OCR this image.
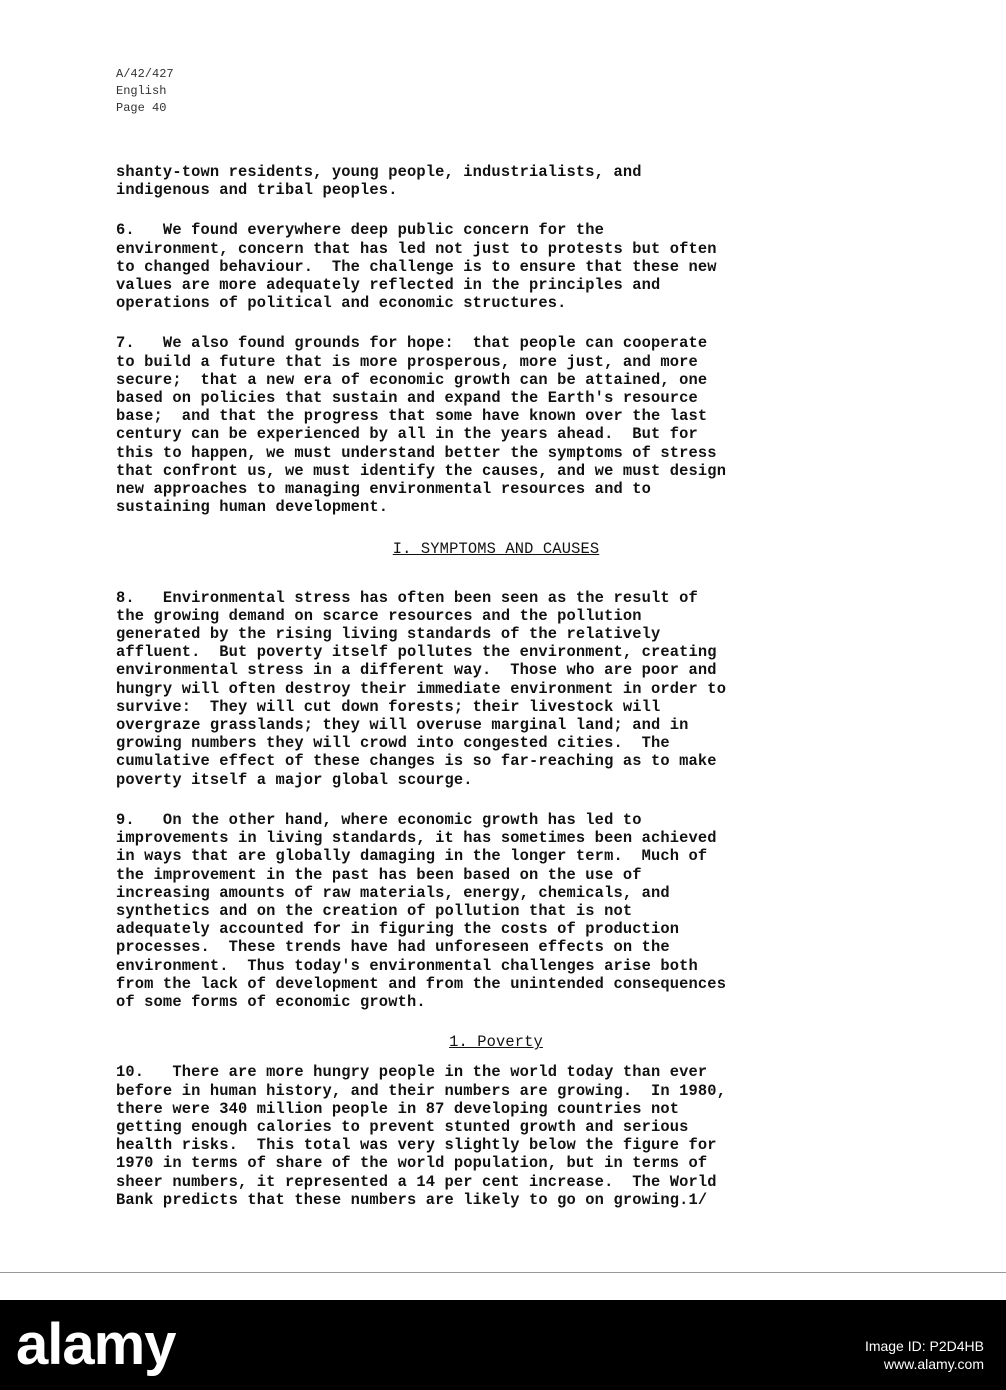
A/42/427
English
Page 40
shanty-town residents, young people, industrialists, and
indigenous and tribal peoples.
6.   We found everywhere deep public concern for the
environment, concern that has led not just to protests but often
to changed behaviour.  The challenge is to ensure that these new
values are more adequately reflected in the principles and
operations of political and economic structures.
7.   We also found grounds for hope:  that people can cooperate
to build a future that is more prosperous, more just, and more
secure;  that a new era of economic growth can be attained, one
based on policies that sustain and expand the Earth's resource
base;  and that the progress that some have known over the last
century can be experienced by all in the years ahead.  But for
this to happen, we must understand better the symptoms of stress
that confront us, we must identify the causes, and we must design
new approaches to managing environmental resources and to
sustaining human development.
I. SYMPTOMS AND CAUSES
8.   Environmental stress has often been seen as the result of
the growing demand on scarce resources and the pollution
generated by the rising living standards of the relatively
affluent.  But poverty itself pollutes the environment, creating
environmental stress in a different way.  Those who are poor and
hungry will often destroy their immediate environment in order to
survive:  They will cut down forests; their livestock will
overgraze grasslands; they will overuse marginal land; and in
growing numbers they will crowd into congested cities.  The
cumulative effect of these changes is so far-reaching as to make
poverty itself a major global scourge.
9.   On the other hand, where economic growth has led to
improvements in living standards, it has sometimes been achieved
in ways that are globally damaging in the longer term.  Much of
the improvement in the past has been based on the use of
increasing amounts of raw materials, energy, chemicals, and
synthetics and on the creation of pollution that is not
adequately accounted for in figuring the costs of production
processes.  These trends have had unforeseen effects on the
environment.  Thus today's environmental challenges arise both
from the lack of development and from the unintended consequences
of some forms of economic growth.
1. Poverty
10.   There are more hungry people in the world today than ever
before in human history, and their numbers are growing.  In 1980,
there were 340 million people in 87 developing countries not
getting enough calories to prevent stunted growth and serious
health risks.  This total was very slightly below the figure for
1970 in terms of share of the world population, but in terms of
sheer numbers, it represented a 14 per cent increase.  The World
Bank predicts that these numbers are likely to go on growing.1/
alamy	Image ID: P2D4HB
www.alamy.com
